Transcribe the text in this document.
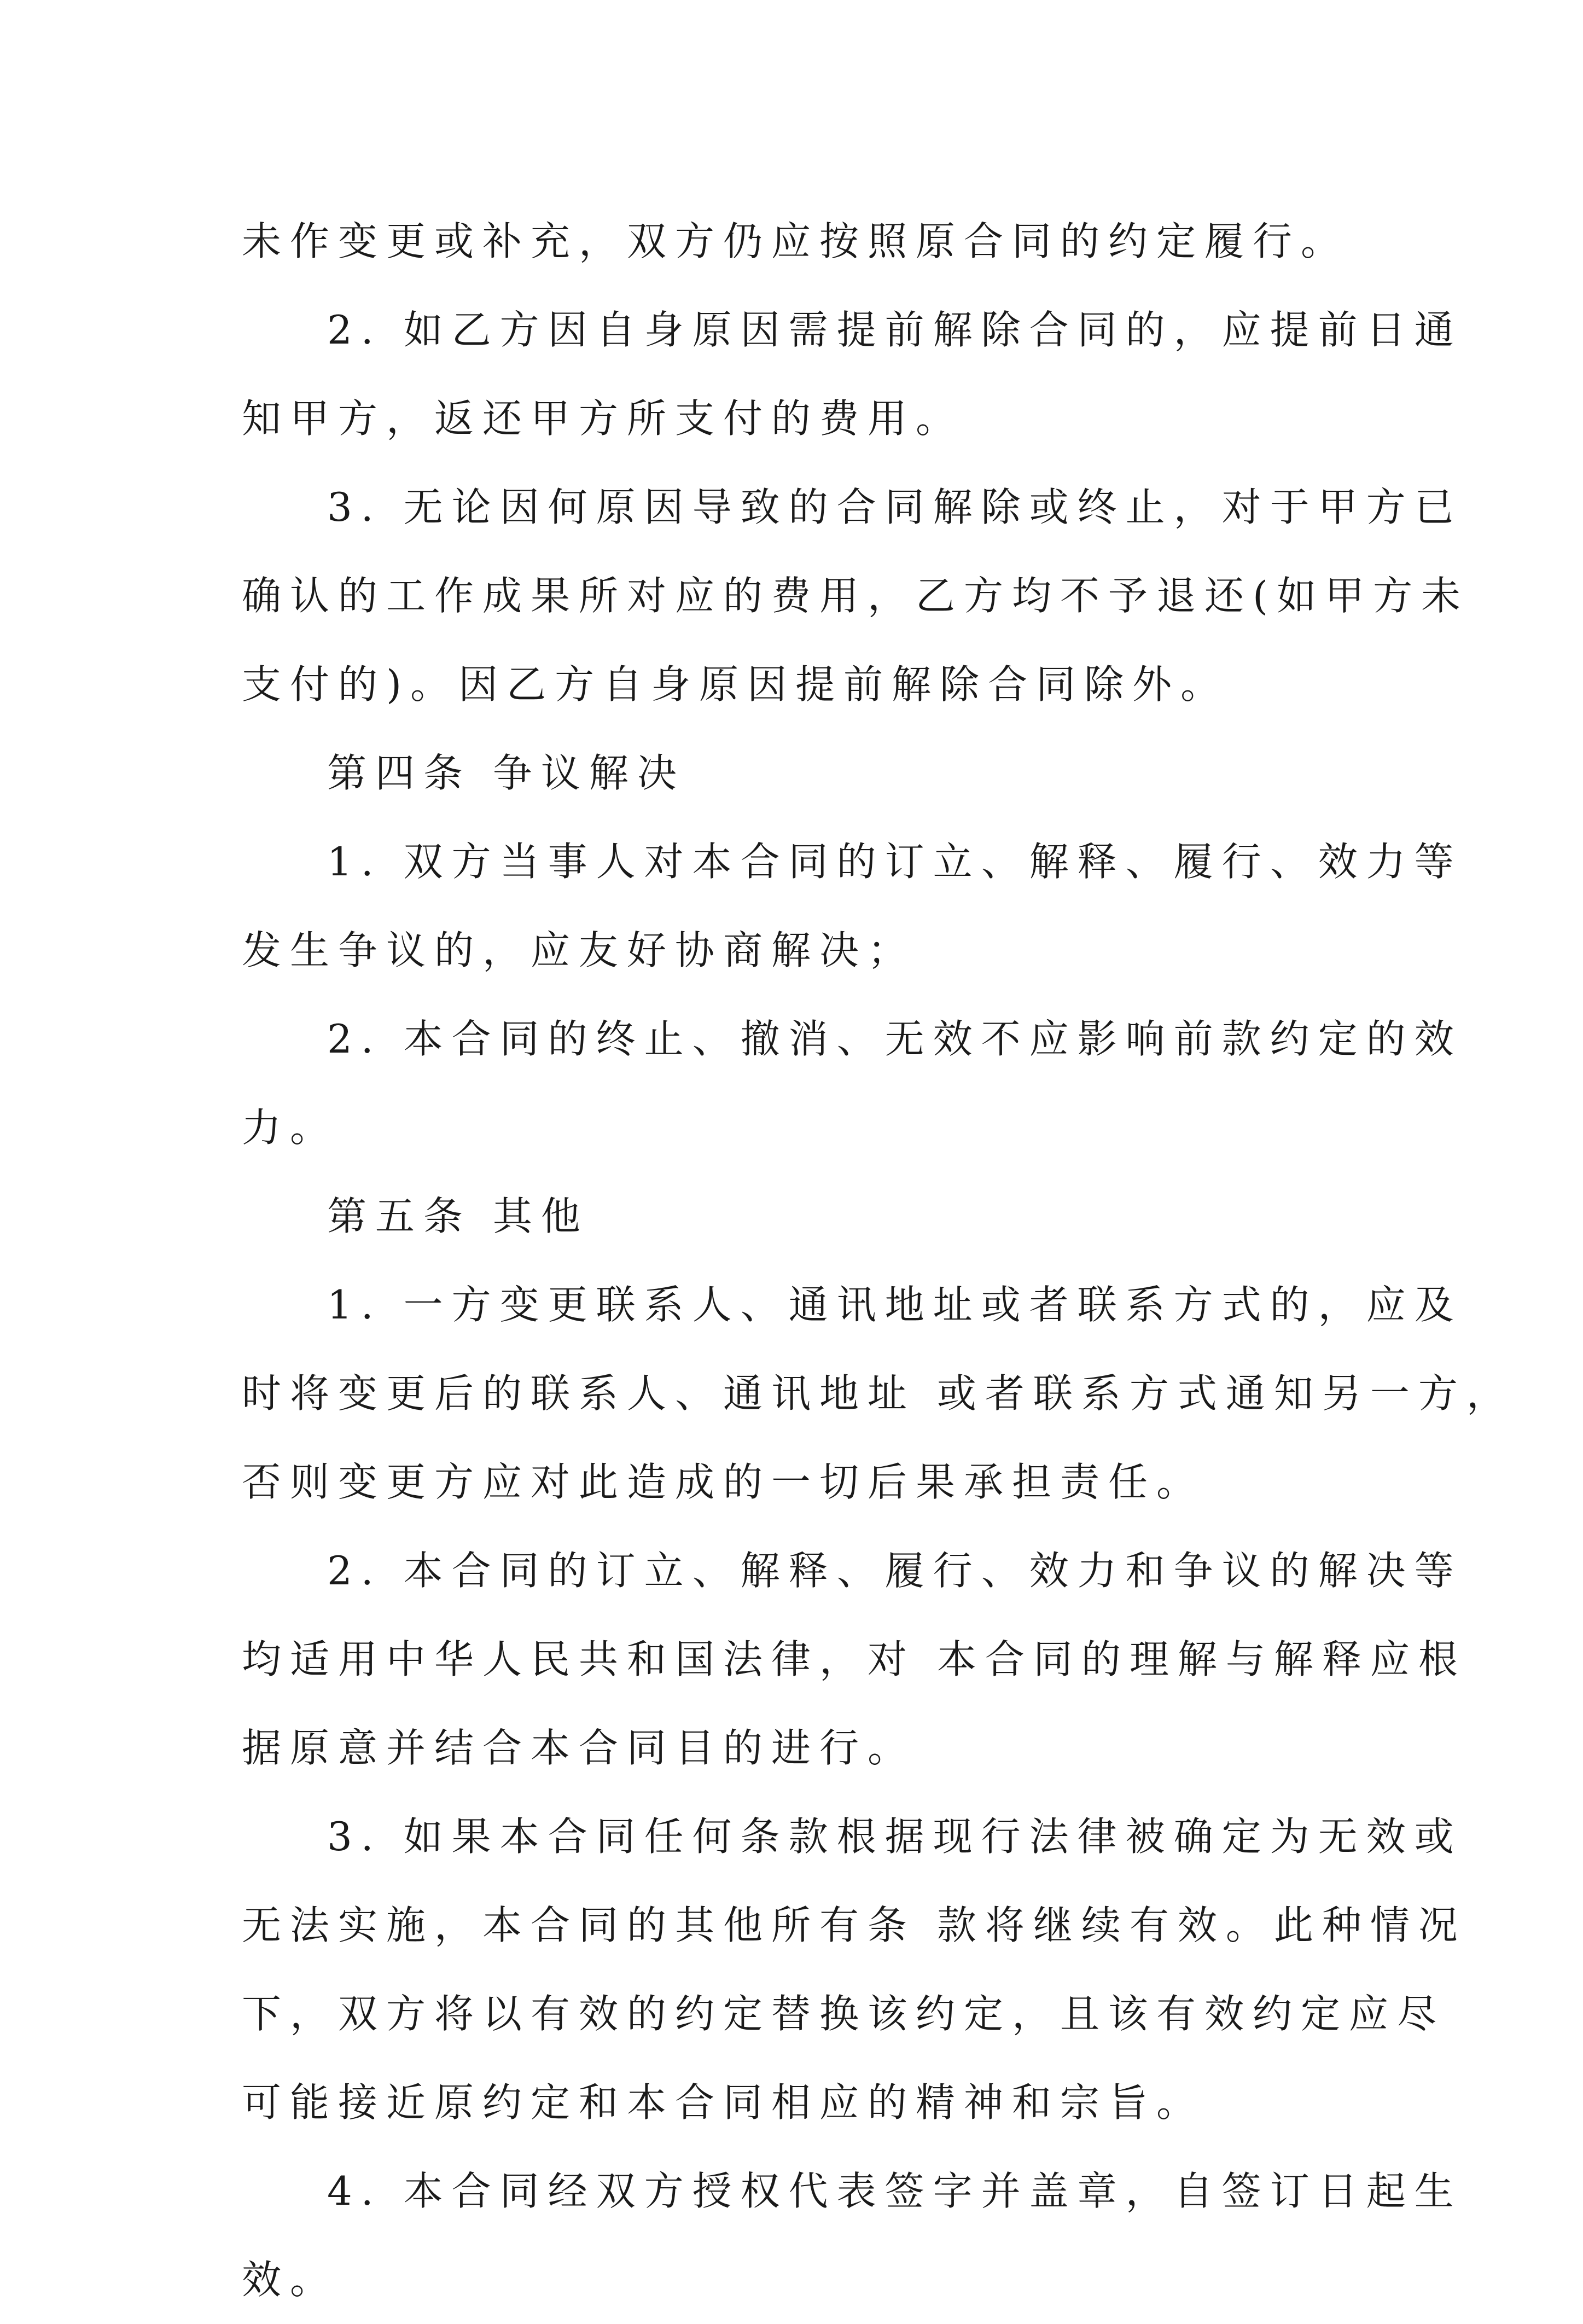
未作变更或补充，双方仍应按照原合同的约定履行。
2. 如乙方因自身原因需提前解除合同的，应提前日通
知甲方，返还甲方所支付的费用。
3. 无论因何原因导致的合同解除或终止，对于甲方已
确认的工作成果所对应的费用，乙方均不予退还(如甲方未
支付的)。因乙方自身原因提前解除合同除外。
第四条 争议解决
1. 双方当事人对本合同的订立、解释、履行、效力等
发生争议的，应友好协商解决；
2. 本合同的终止、撤消、无效不应影响前款约定的效
力。
第五条 其他
1. 一方变更联系人、通讯地址或者联系方式的，应及
时将变更后的联系人、通讯地址 或者联系方式通知另一方，
否则变更方应对此造成的一切后果承担责任。
2. 本合同的订立、解释、履行、效力和争议的解决等
均适用中华人民共和国法律，对 本合同的理解与解释应根
据原意并结合本合同目的进行。
3. 如果本合同任何条款根据现行法律被确定为无效或
无法实施，本合同的其他所有条 款将继续有效。此种情况
下，双方将以有效的约定替换该约定，且该有效约定应尽
可能接近原约定和本合同相应的精神和宗旨。
4. 本合同经双方授权代表签字并盖章，自签订日起生
效。
